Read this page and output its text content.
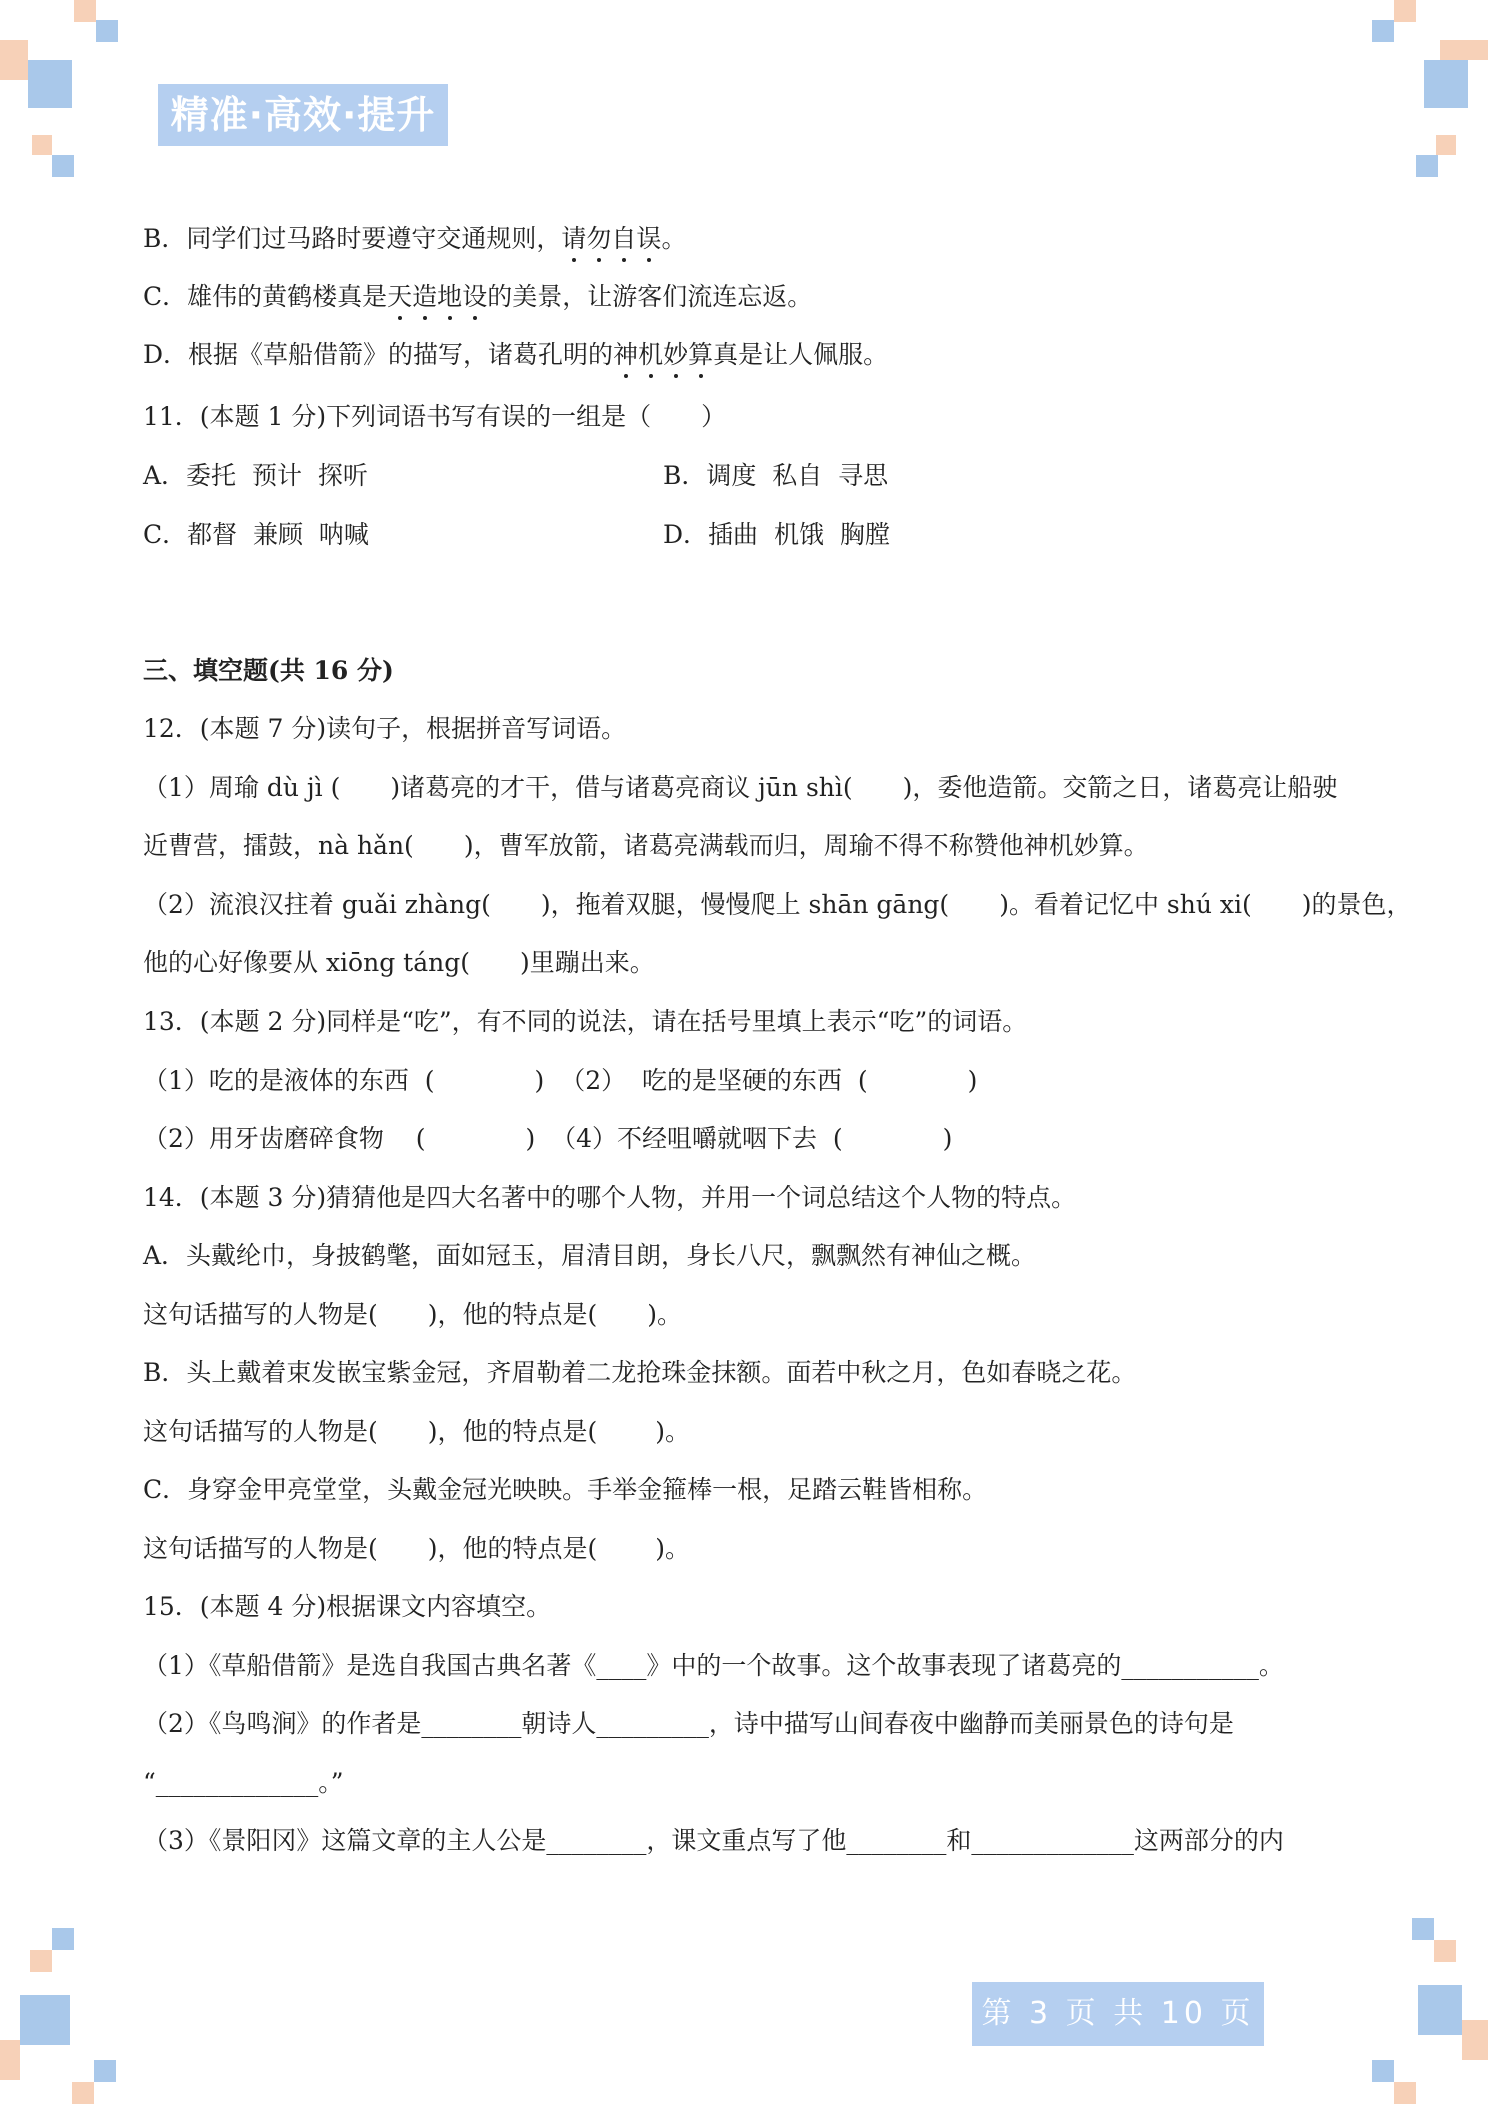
精准·高效·提升
B．同学们过马路时要遵守交通规则，请勿自误。
C．雄伟的黄鹤楼真是天造地设的美景，让游客们流连忘返。
D．根据《草船借箭》的描写，诸葛孔明的神机妙算真是让人佩服。
11．(本题 1 分)下列词语书写有误的一组是（　　）
A．委托  预计  探听	B．调度  私自  寻思
C．都督  兼顾  呐喊	D．插曲  机饿  胸膛
三、填空题(共 16 分)
12．(本题 7 分)读句子，根据拼音写词语。
（1）周瑜 dù jì (　　)诸葛亮的才干，借与诸葛亮商议 jūn shì(　　)，委他造箭。交箭之日，诸葛亮让船驶
近曹营，擂鼓，nà hǎn(　　)，曹军放箭，诸葛亮满载而归，周瑜不得不称赞他神机妙算。
（2）流浪汉拄着 guǎi zhàng(　　)，拖着双腿，慢慢爬上 shān gāng(　　)。看着记忆中 shú xi(　　)的景色，
他的心好像要从 xiōng táng(　　)里蹦出来。
13．(本题 2 分)同样是“吃”，有不同的说法，请在括号里填上表示“吃”的词语。
（1）吃的是液体的东西  (　　　　)  （2）  吃的是坚硬的东西  (　　　　)
（2）用牙齿磨碎食物    (　　　　)  （4）不经咀嚼就咽下去  (　　　　)
14．(本题 3 分)猜猜他是四大名著中的哪个人物，并用一个词总结这个人物的特点。
A．头戴纶巾，身披鹤氅，面如冠玉，眉清目朗，身长八尺，飘飘然有神仙之概。
这句话描写的人物是(　　)，他的特点是(　　)。
B．头上戴着束发嵌宝紫金冠，齐眉勒着二龙抢珠金抹额。面若中秋之月，色如春晓之花。
这句话描写的人物是(　　)，他的特点是(　　 )。
C．身穿金甲亮堂堂，头戴金冠光映映。手举金箍棒一根，足踏云鞋皆相称。
这句话描写的人物是(　　)，他的特点是(　　 )。
15．(本题 4 分)根据课文内容填空。
（1）《草船借箭》是选自我国古典名著《____》中的一个故事。这个故事表现了诸葛亮的___________。
（2）《鸟鸣涧》的作者是________朝诗人_________，诗中描写山间春夜中幽静而美丽景色的诗句是
“_____________。”
（3）《景阳冈》这篇文章的主人公是________，课文重点写了他________和_____________这两部分的内
第 3 页 共 10 页
